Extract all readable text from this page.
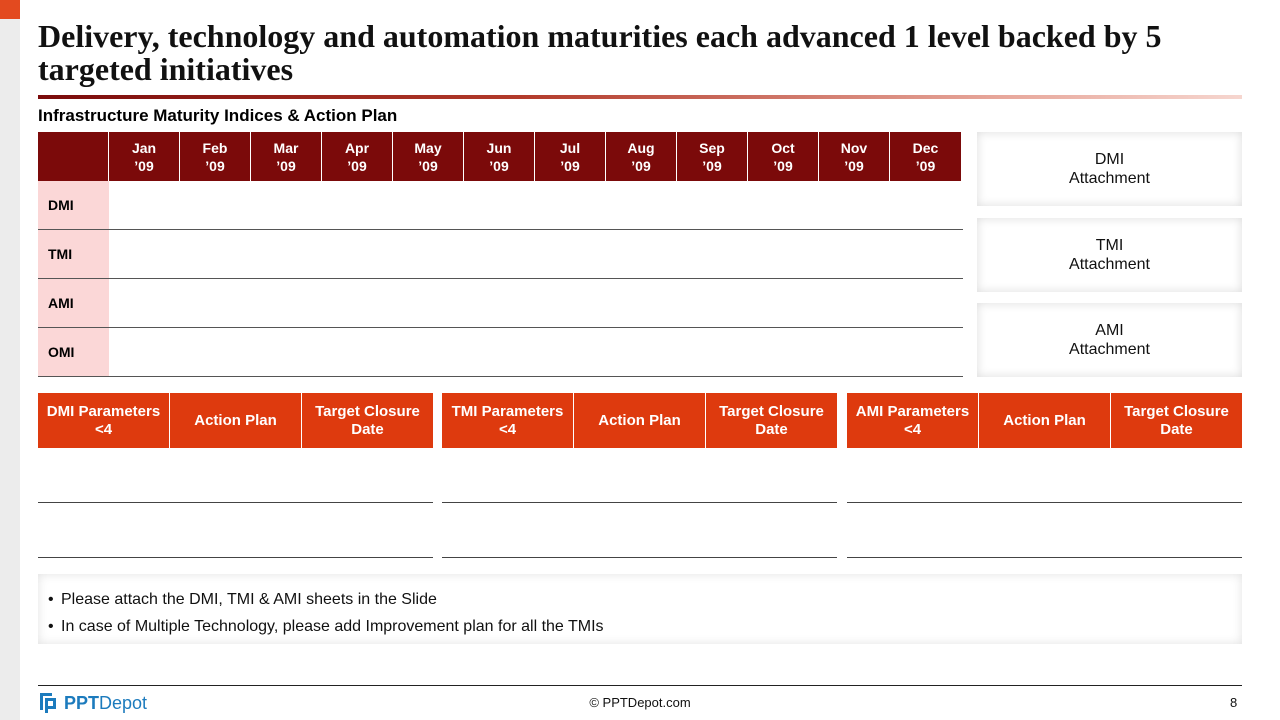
Delivery, technology and automation maturities each advanced 1 level backed by 5 targeted initiatives
Infrastructure Maturity Indices & Action Plan
Jan
’09
Feb
’09
Mar
’09
Apr
’09
May
’09
Jun
’09
Jul
’09
Aug
’09
Sep
’09
Oct
’09
Nov
’09
Dec
’09
DMI
TMI
AMI
OMI
DMI
Attachment
TMI
Attachment
AMI
Attachment
DMI Parameters
<4
Action Plan
Target Closure
Date
TMI Parameters
<4
Action Plan
Target Closure
Date
AMI Parameters
<4
Action Plan
Target Closure
Date
• Please attach the DMI, TMI & AMI sheets in the Slide
• In case of Multiple Technology, please add Improvement plan for all the TMIs
PPTDepot	© PPTDepot.com	8
